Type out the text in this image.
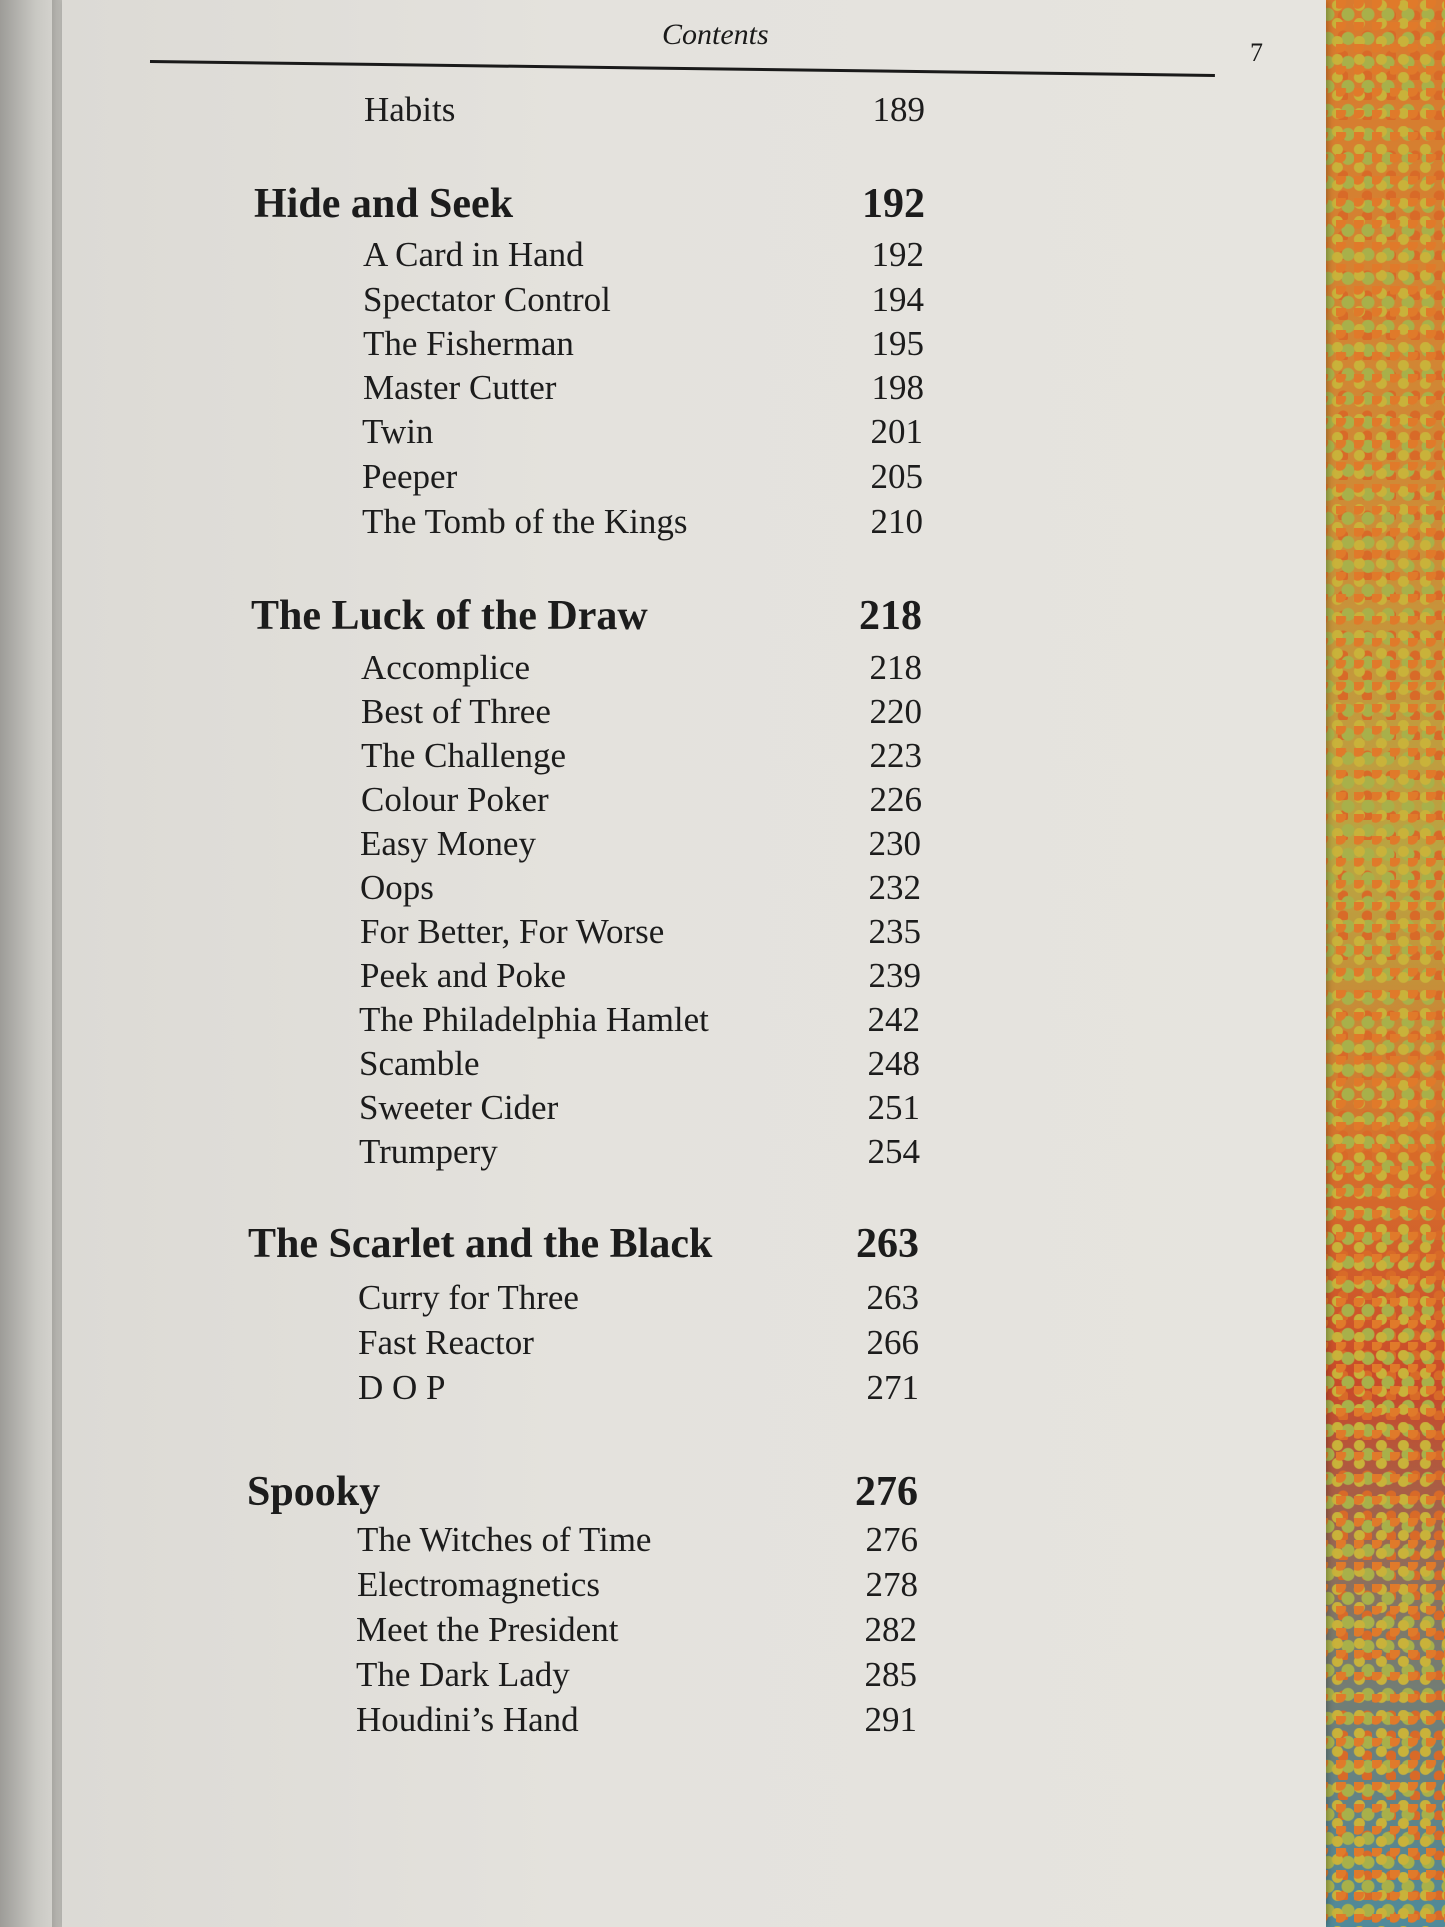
Contents
7
Habits	189
Hide and Seek	192
A Card in Hand	192
Spectator Control	194
The Fisherman	195
Master Cutter	198
Twin	201
Peeper	205
The Tomb of the Kings	210
The Luck of the Draw	218
Accomplice	218
Best of Three	220
The Challenge	223
Colour Poker	226
Easy Money	230
Oops	232
For Better, For Worse	235
Peek and Poke	239
The Philadelphia Hamlet	242
Scamble	248
Sweeter Cider	251
Trumpery	254
The Scarlet and the Black	263
Curry for Three	263
Fast Reactor	266
D O P	271
Spooky	276
The Witches of Time	276
Electromagnetics	278
Meet the President	282
The Dark Lady	285
Houdini’s Hand	291
